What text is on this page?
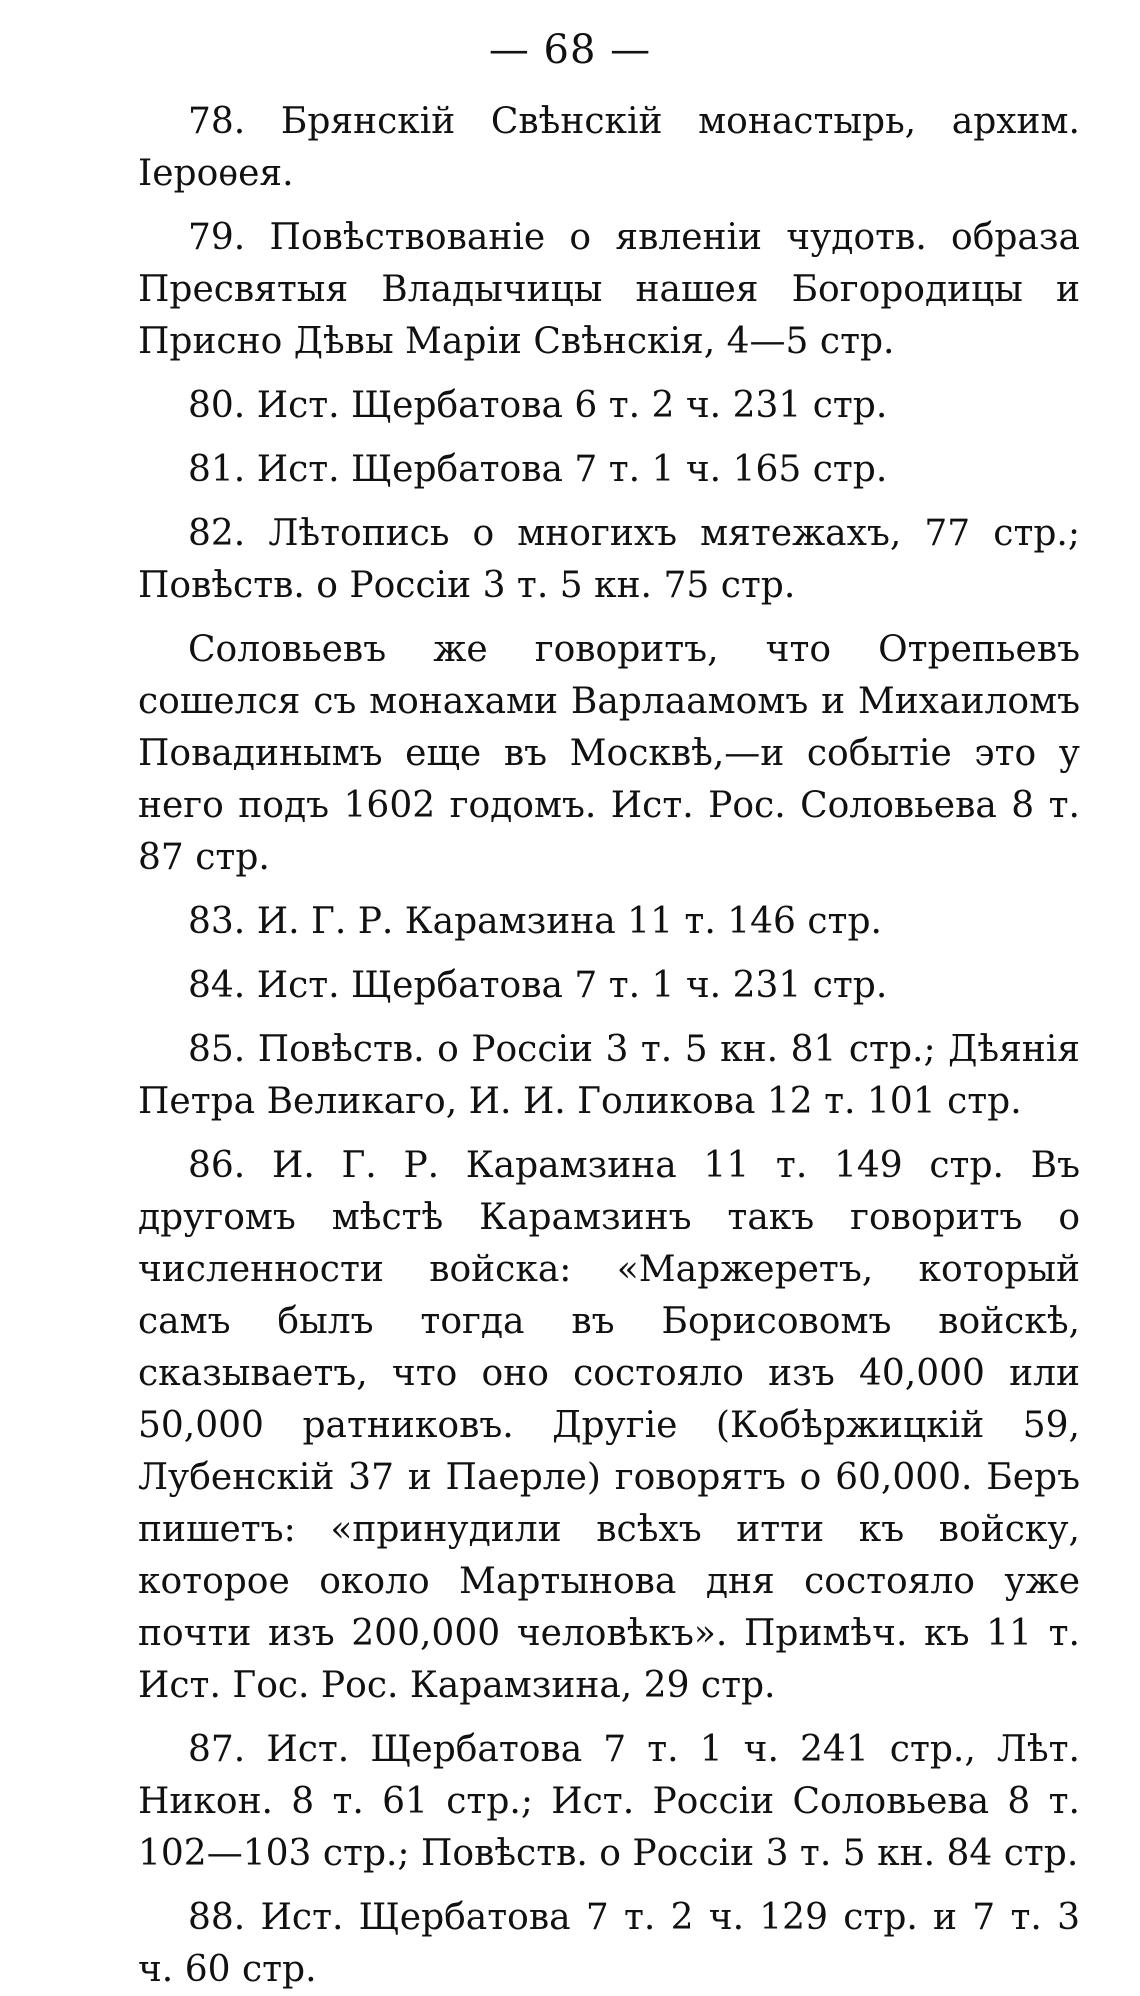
— 68 —

78. Брянскій Свѣнскій монастырь, архим. Іероѳея.

79. Повѣствованіе о явленіи чудотв. образа Пресвятыя Владычицы нашея Богородицы и Присно Дѣвы Маріи Свѣнскія, 4—5 стр.

80. Ист. Щербатова 6 т. 2 ч. 231 стр.

81. Ист. Щербатова 7 т. 1 ч. 165 стр.

82. Лѣтопись о многихъ мятежахъ, 77 стр.; Повѣств. о Россіи 3 т. 5 кн. 75 стр.

Соловьевъ же говоритъ, что Отрепьевъ сошелся съ монахами Варлаамомъ и Михаиломъ Повадинымъ еще въ Москвѣ,—и событіе это у него подъ 1602 годомъ. Ист. Рос. Соловьева 8 т. 87 стр.

83. И. Г. Р. Карамзина 11 т. 146 стр.

84. Ист. Щербатова 7 т. 1 ч. 231 стр.

85. Повѣств. о Россіи 3 т. 5 кн. 81 стр.; Дѣянія Петра Великаго, И. И. Голикова 12 т. 101 стр.

86. И. Г. Р. Карамзина 11 т. 149 стр. Въ другомъ мѣстѣ Карамзинъ такъ говоритъ о численности войска: «Маржеретъ, который самъ былъ тогда въ Борисовомъ войскѣ, сказываетъ, что оно состояло изъ 40,000 или 50,000 ратниковъ. Другіе (Кобѣржицкій 59, Лубенскій 37 и Паерле) говорятъ о 60,000. Беръ пишетъ: «принудили всѣхъ итти къ войску, которое около Мартынова дня состояло уже почти изъ 200,000 человѣкъ». Примѣч. къ 11 т. Ист. Гос. Рос. Карамзина, 29 стр.

87. Ист. Щербатова 7 т. 1 ч. 241 стр., Лѣт. Никон. 8 т. 61 стр.; Ист. Россіи Соловьева 8 т. 102—103 стр.; Повѣств. о Россіи 3 т. 5 кн. 84 стр.

88. Ист. Щербатова 7 т. 2 ч. 129 стр. и 7 т. 3 ч. 60 стр.
